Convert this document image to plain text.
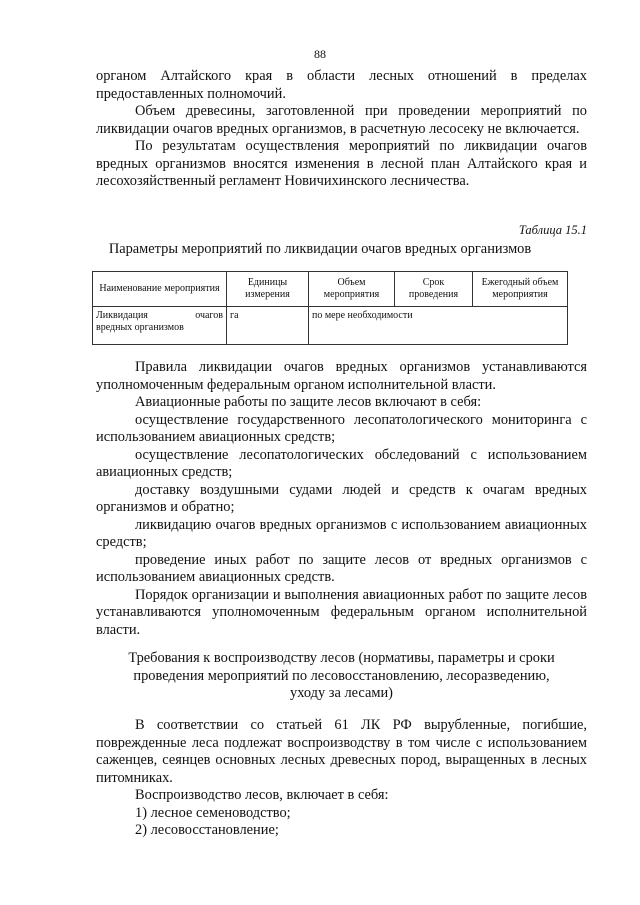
88

органом Алтайского края в области лесных отношений в пределах предоставленных полномочий.

Объем древесины, заготовленной при проведении мероприятий по ликвидации очагов вредных организмов, в расчетную лесосеку не включается.

По результатам осуществления мероприятий по ликвидации очагов вредных организмов вносятся изменения в лесной план Алтайского края и лесохозяйственный регламент Новичихинского лесничества.

Таблица 15.1
Параметры мероприятий по ликвидации очагов вредных организмов
Наименование мероприятия	Единицы измерения	Объем мероприятия	Срок проведения	Ежегодный объем мероприятия

Ликвидация очагов
вредных организмов	га	по мере необходимости		

Правила ликвидации очагов вредных организмов устанавливаются уполномоченным федеральным органом исполнительной власти.

Авиационные работы по защите лесов включают в себя:

осуществление государственного лесопатологического мониторинга с использованием авиационных средств;

осуществление лесопатологических обследований с использованием авиационных средств;

доставку воздушными судами людей и средств к очагам вредных организмов и обратно;

ликвидацию очагов вредных организмов с использованием авиационных средств;

проведение иных работ по защите лесов от вредных организмов с использованием авиационных средств.

Порядок организации и выполнения авиационных работ по защите лесов устанавливаются уполномоченным федеральным органом исполнительной власти.

Требования к воспроизводству лесов (нормативы, параметры и сроки
проведения мероприятий по лесовосстановлению, лесоразведению,
уходу за лесами)

В соответствии со статьей 61 ЛК РФ вырубленные, погибшие, поврежденные леса подлежат воспроизводству в том числе с использованием саженцев, сеянцев основных лесных древесных пород, выращенных в лесных питомниках.

Воспроизводство лесов, включает в себя:

1) лесное семеноводство;

2) лесовосстановление;
